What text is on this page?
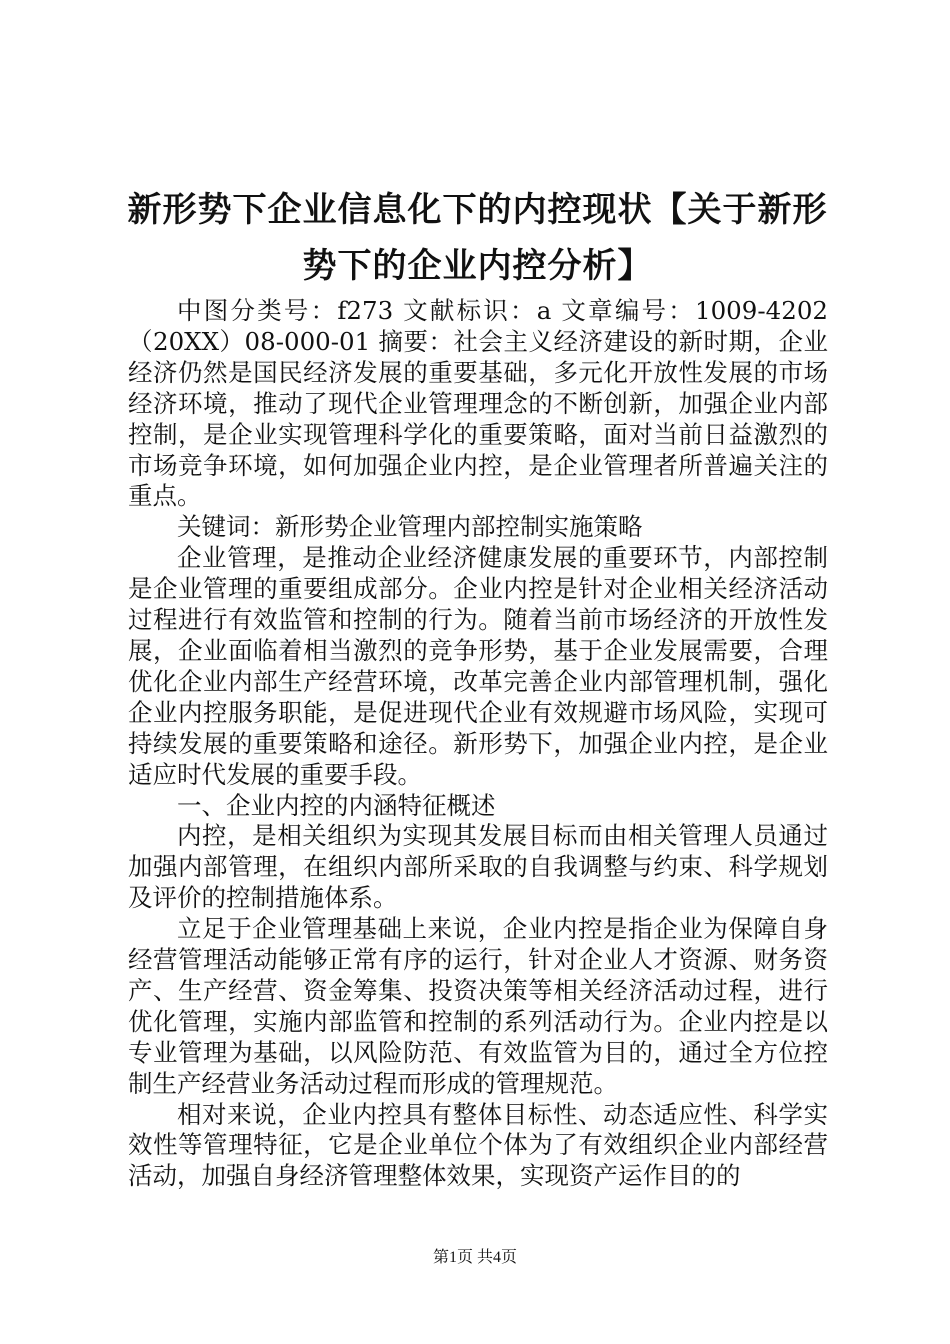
新形势下企业信息化下的内控现状【关于新形势下的企业内控分析】

中图分类号：f273 文献标识：a 文章编号：1009-4202（20XX）08-000-01 摘要：社会主义经济建设的新时期，企业经济仍然是国民经济发展的重要基础，多元化开放性发展的市场经济环境，推动了现代企业管理理念的不断创新，加强企业内部控制，是企业实现管理科学化的重要策略，面对当前日益激烈的市场竞争环境，如何加强企业内控，是企业管理者所普遍关注的重点。

关键词：新形势企业管理内部控制实施策略

企业管理，是推动企业经济健康发展的重要环节，内部控制是企业管理的重要组成部分。企业内控是针对企业相关经济活动过程进行有效监管和控制的行为。随着当前市场经济的开放性发展，企业面临着相当激烈的竞争形势，基于企业发展需要，合理优化企业内部生产经营环境，改革完善企业内部管理机制，强化企业内控服务职能，是促进现代企业有效规避市场风险，实现可持续发展的重要策略和途径。新形势下，加强企业内控，是企业适应时代发展的重要手段。

一、企业内控的内涵特征概述

内控，是相关组织为实现其发展目标而由相关管理人员通过加强内部管理，在组织内部所采取的自我调整与约束、科学规划及评价的控制措施体系。

立足于企业管理基础上来说，企业内控是指企业为保障自身经营管理活动能够正常有序的运行，针对企业人才资源、财务资产、生产经营、资金筹集、投资决策等相关经济活动过程，进行优化管理，实施内部监管和控制的系列活动行为。企业内控是以专业管理为基础，以风险防范、有效监管为目的，通过全方位控制生产经营业务活动过程而形成的管理规范。

相对来说，企业内控具有整体目标性、动态适应性、科学实效性等管理特征，它是企业单位个体为了有效组织企业内部经营活动，加强自身经济管理整体效果，实现资产运作目的的

第1页 共4页
